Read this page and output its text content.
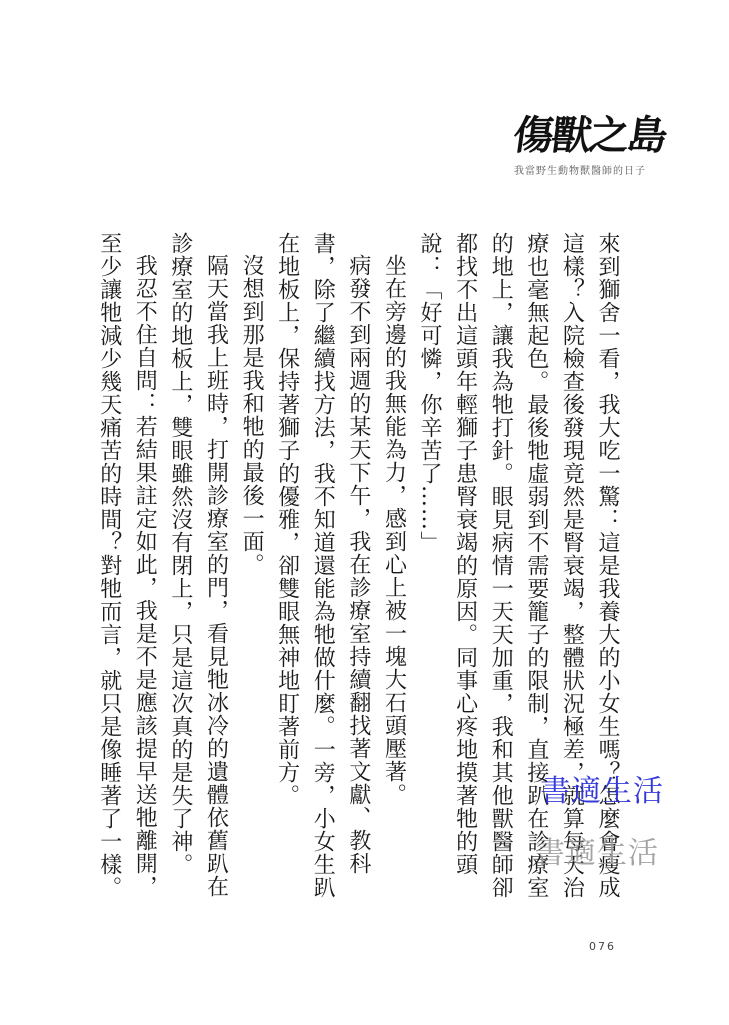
傷獸之島
我當野生動物獸醫師的日子

來到獅舍一看，我大吃一驚：這是我養大的小女生嗎？怎麼會瘦成這樣？入院檢查後發現竟然是腎衰竭，整體狀況極差，就算每天治療也毫無起色。最後牠虛弱到不需要籠子的限制，直接趴在診療室的地上，讓我為牠打針。眼見病情一天天加重，我和其他獸醫師卻都找不出這頭年輕獅子患腎衰竭的原因。同事心疼地摸著牠的頭說：「好可憐，你辛苦了……」

坐在旁邊的我無能為力，感到心上被一塊大石頭壓著。

病發不到兩週的某天下午，我在診療室持續翻找著文獻、教科書，除了繼續找方法，我不知道還能為牠做什麼。一旁，小女生趴在地板上，保持著獅子的優雅，卻雙眼無神地盯著前方。

沒想到那是我和牠的最後一面。

隔天當我上班時，打開診療室的門，看見牠冰冷的遺體依舊趴在診療室的地板上，雙眼雖然沒有閉上，只是這次真的是失了神。

我忍不住自問：若結果註定如此，我是不是應該提早送牠離開，至少讓牠減少幾天痛苦的時間？對牠而言，就只是像睡著了一樣。	書適生活
書適生活
076
